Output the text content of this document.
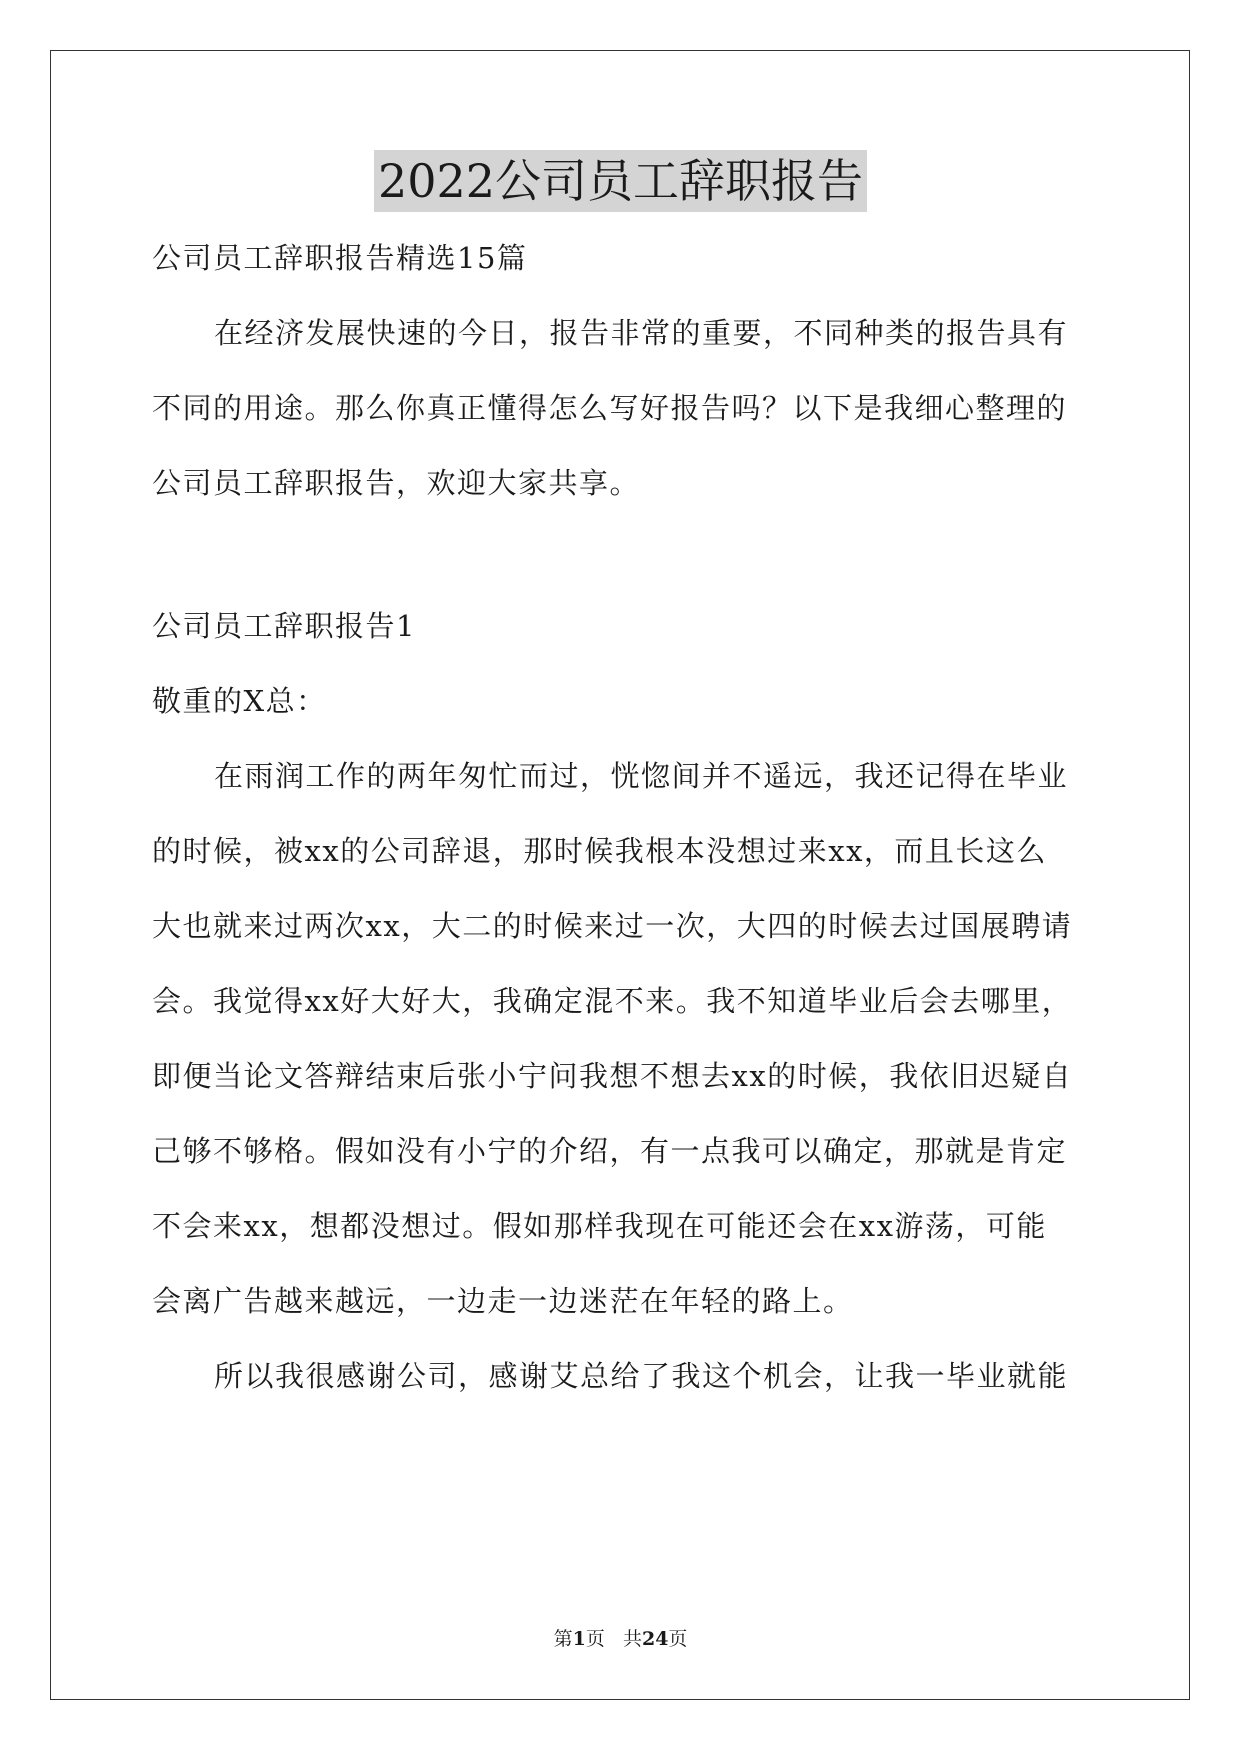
2022公司员工辞职报告
公司员工辞职报告精选15篇
在经济发展快速的今日，报告非常的重要，不同种类的报告具有
不同的用途。那么你真正懂得怎么写好报告吗？以下是我细心整理的
公司员工辞职报告，欢迎大家共享。
公司员工辞职报告1
敬重的X总：
在雨润工作的两年匆忙而过，恍惚间并不遥远，我还记得在毕业
的时候，被xx的公司辞退，那时候我根本没想过来xx，而且长这么
大也就来过两次xx，大二的时候来过一次，大四的时候去过国展聘请
会。我觉得xx好大好大，我确定混不来。我不知道毕业后会去哪里，
即便当论文答辩结束后张小宁问我想不想去xx的时候，我依旧迟疑自
己够不够格。假如没有小宁的介绍，有一点我可以确定，那就是肯定
不会来xx，想都没想过。假如那样我现在可能还会在xx游荡，可能
会离广告越来越远，一边走一边迷茫在年轻的路上。
所以我很感谢公司，感谢艾总给了我这个机会，让我一毕业就能
第1页 共24页
